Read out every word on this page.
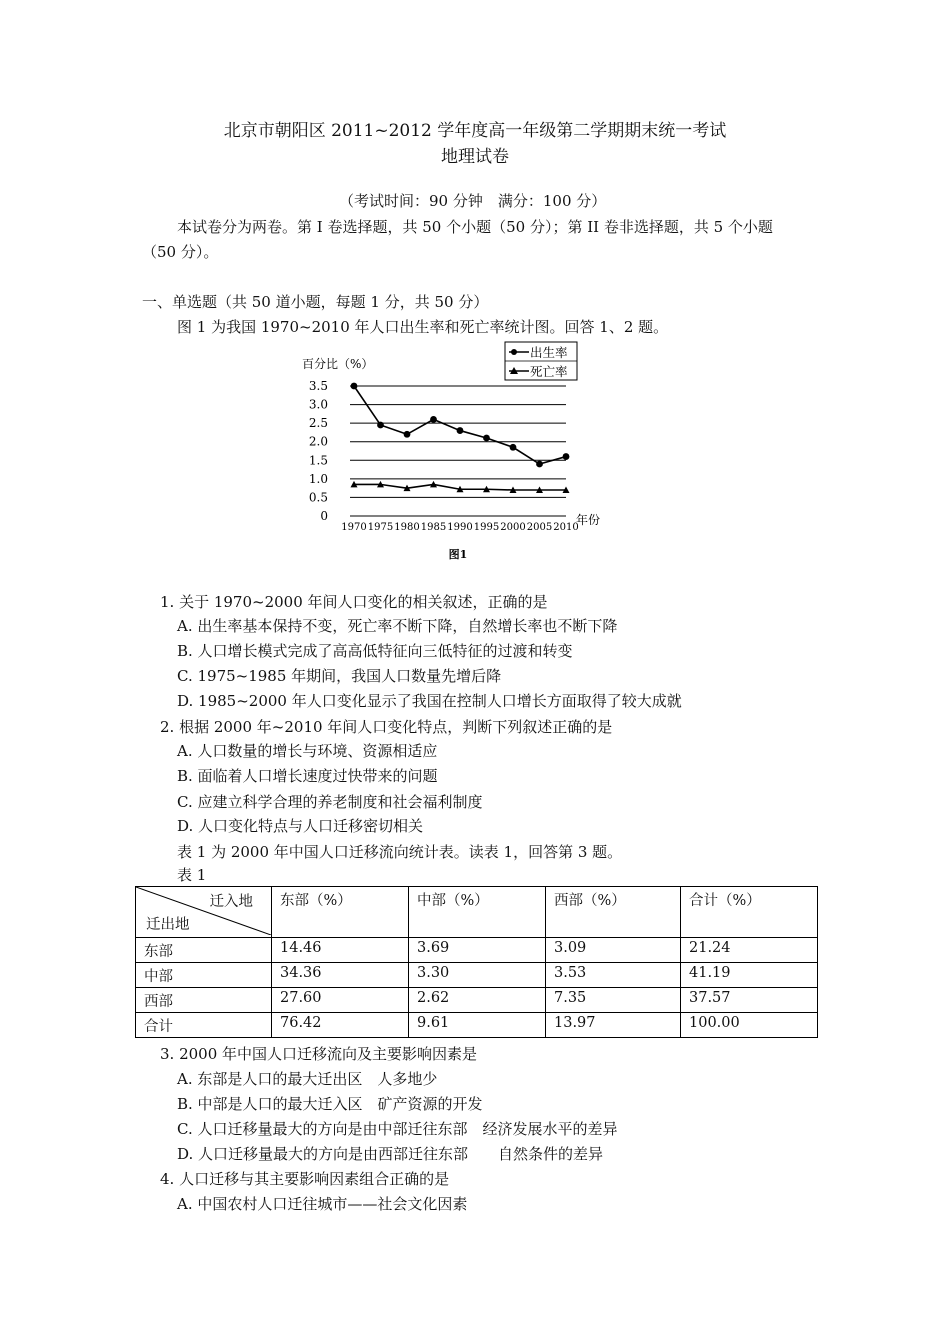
北京市朝阳区 2011~2012 学年度高一年级第二学期期末统一考试
地理试卷
（考试时间：90 分钟　满分：100 分）
本试卷分为两卷。第 I 卷选择题，共 50 个小题（50 分）；第 II 卷非选择题，共 5 个小题
（50 分）。
一、单选题（共 50 道小题，每题 1 分，共 50 分）
图 1 为我国 1970~2010 年人口出生率和死亡率统计图。回答 1、2 题。
0
0.5
1.0
1.5
2.0
2.5
3.0
3.5
百分比（%）
1970 1975 1980 1985 1990 1995 2000 2005 2010
年份
图1
出生率
死亡率
1. 关于 1970~2000 年间人口变化的相关叙述，正确的是
A. 出生率基本保持不变，死亡率不断下降，自然增长率也不断下降
B. 人口增长模式完成了高高低特征向三低特征的过渡和转变
C. 1975~1985 年期间，我国人口数量先增后降
D. 1985~2000 年人口变化显示了我国在控制人口增长方面取得了较大成就
2. 根据 2000 年~2010 年间人口变化特点，判断下列叙述正确的是
A. 人口数量的增长与环境、资源相适应
B. 面临着人口增长速度过快带来的问题
C. 应建立科学合理的养老制度和社会福利制度
D. 人口变化特点与人口迁移密切相关
表 1 为 2000 年中国人口迁移流向统计表。读表 1，回答第 3 题。
表 1
迁入地
迁出地	东部（%）	中部（%）	西部（%）	合计（%）
东部	14.46	3.69	3.09	21.24
中部	34.36	3.30	3.53	41.19
西部	27.60	2.62	7.35	37.57
合计	76.42	9.61	13.97	100.00
3. 2000 年中国人口迁移流向及主要影响因素是
A. 东部是人口的最大迁出区　人多地少
B. 中部是人口的最大迁入区　矿产资源的开发
C. 人口迁移量最大的方向是由中部迁往东部　经济发展水平的差异
D. 人口迁移量最大的方向是由西部迁往东部　　自然条件的差异
4. 人口迁移与其主要影响因素组合正确的是
A. 中国农村人口迁往城市——社会文化因素
